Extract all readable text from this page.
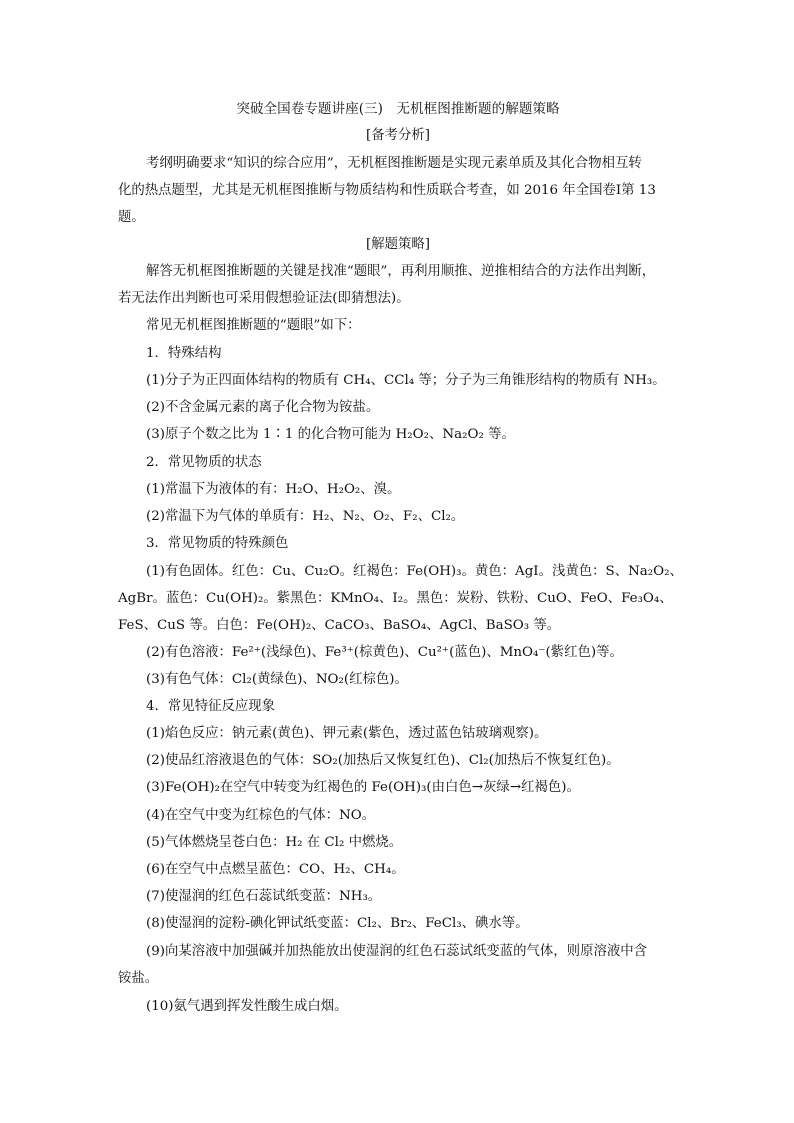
突破全国卷专题讲座(三)　无机框图推断题的解题策略
[备考分析]
考纲明确要求“知识的综合应用”，无机框图推断题是实现元素单质及其化合物相互转
化的热点题型，尤其是无机框图推断与物质结构和性质联合考查，如 2016 年全国卷Ⅰ第 13
题。
[解题策略]
解答无机框图推断题的关键是找准“题眼”，再利用顺推、逆推相结合的方法作出判断，
若无法作出判断也可采用假想验证法(即猜想法)。
常见无机框图推断题的“题眼”如下：
1．特殊结构
(1)分子为正四面体结构的物质有 CH₄、CCl₄ 等；分子为三角锥形结构的物质有 NH₃。
(2)不含金属元素的离子化合物为铵盐。
(3)原子个数之比为 1∶1 的化合物可能为 H₂O₂、Na₂O₂ 等。
2．常见物质的状态
(1)常温下为液体的有：H₂O、H₂O₂、溴。
(2)常温下为气体的单质有：H₂、N₂、O₂、F₂、Cl₂。
3．常见物质的特殊颜色
(1)有色固体。红色：Cu、Cu₂O。红褐色：Fe(OH)₃。黄色：AgI。浅黄色：S、Na₂O₂、
AgBr。蓝色：Cu(OH)₂。紫黑色：KMnO₄、I₂。黑色：炭粉、铁粉、CuO、FeO、Fe₃O₄、
FeS、CuS 等。白色：Fe(OH)₂、CaCO₃、BaSO₄、AgCl、BaSO₃ 等。
(2)有色溶液：Fe²⁺(浅绿色)、Fe³⁺(棕黄色)、Cu²⁺(蓝色)、MnO₄⁻(紫红色)等。
(3)有色气体：Cl₂(黄绿色)、NO₂(红棕色)。
4．常见特征反应现象
(1)焰色反应：钠元素(黄色)、钾元素(紫色，透过蓝色钴玻璃观察)。
(2)使品红溶液退色的气体：SO₂(加热后又恢复红色)、Cl₂(加热后不恢复红色)。
(3)Fe(OH)₂在空气中转变为红褐色的 Fe(OH)₃(由白色→灰绿→红褐色)。
(4)在空气中变为红棕色的气体：NO。
(5)气体燃烧呈苍白色：H₂ 在 Cl₂ 中燃烧。
(6)在空气中点燃呈蓝色：CO、H₂、CH₄。
(7)使湿润的红色石蕊试纸变蓝：NH₃。
(8)使湿润的淀粉-碘化钾试纸变蓝：Cl₂、Br₂、FeCl₃、碘水等。
(9)向某溶液中加强碱并加热能放出使湿润的红色石蕊试纸变蓝的气体，则原溶液中含
铵盐。
(10)氨气遇到挥发性酸生成白烟。
